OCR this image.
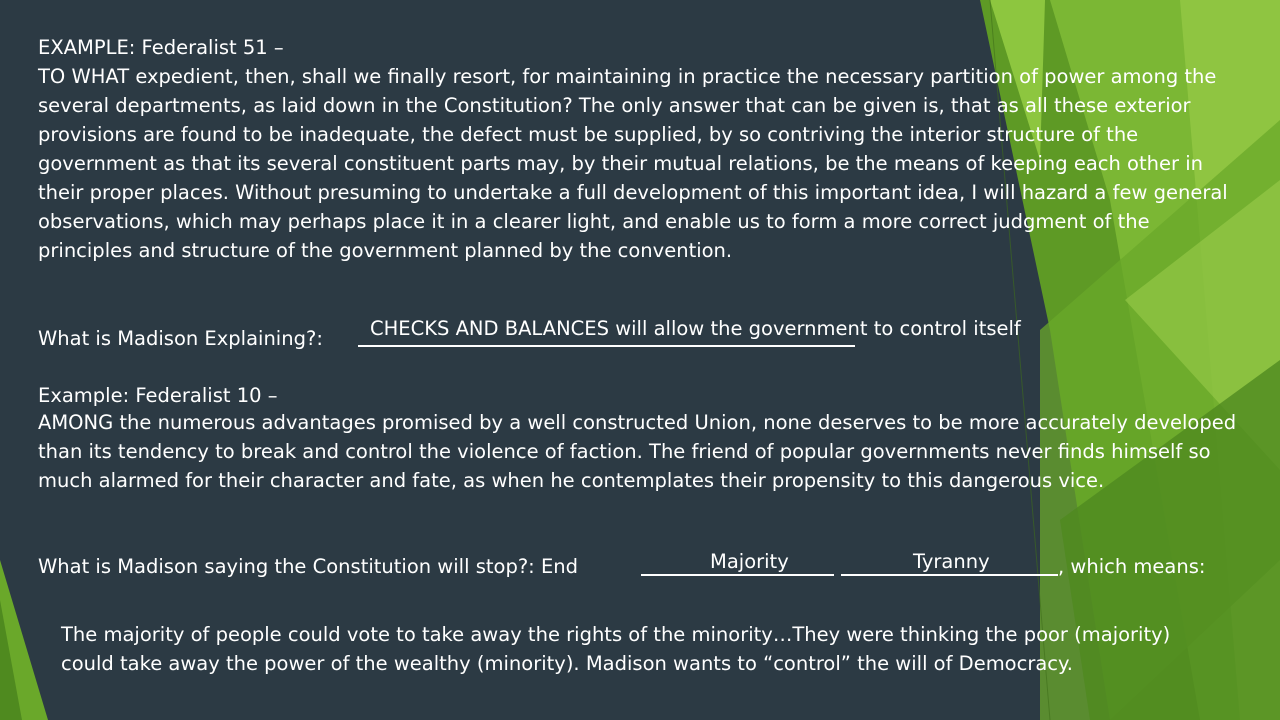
EXAMPLE: Federalist 51 –
TO WHAT expedient, then, shall we finally resort, for maintaining in practice the necessary partition of power among the several departments, as laid down in the Constitution? The only answer that can be given is, that as all these exterior provisions are found to be inadequate, the defect must be supplied, by so contriving the interior structure of the government as that its several constituent parts may, by their mutual relations, be the means of keeping each other in their proper places. Without presuming to undertake a full development of this important idea, I will hazard a few general observations, which may perhaps place it in a clearer light, and enable us to form a more correct judgment of the principles and structure of the government planned by the convention.
What is Madison Explaining?: CHECKS AND BALANCES will allow the government to control itself
Example: Federalist 10 –
AMONG the numerous advantages promised by a well constructed Union, none deserves to be more accurately developed than its tendency to break and control the violence of faction. The friend of popular governments never finds himself so much alarmed for their character and fate, as when he contemplates their propensity to this dangerous vice.
What is Madison saying the Constitution will stop?: End	Majority	Tyranny	, which means:
The majority of people could vote to take away the rights of the minority…They were thinking the poor (majority) could take away the power of the wealthy (minority). Madison wants to “control” the will of Democracy.
